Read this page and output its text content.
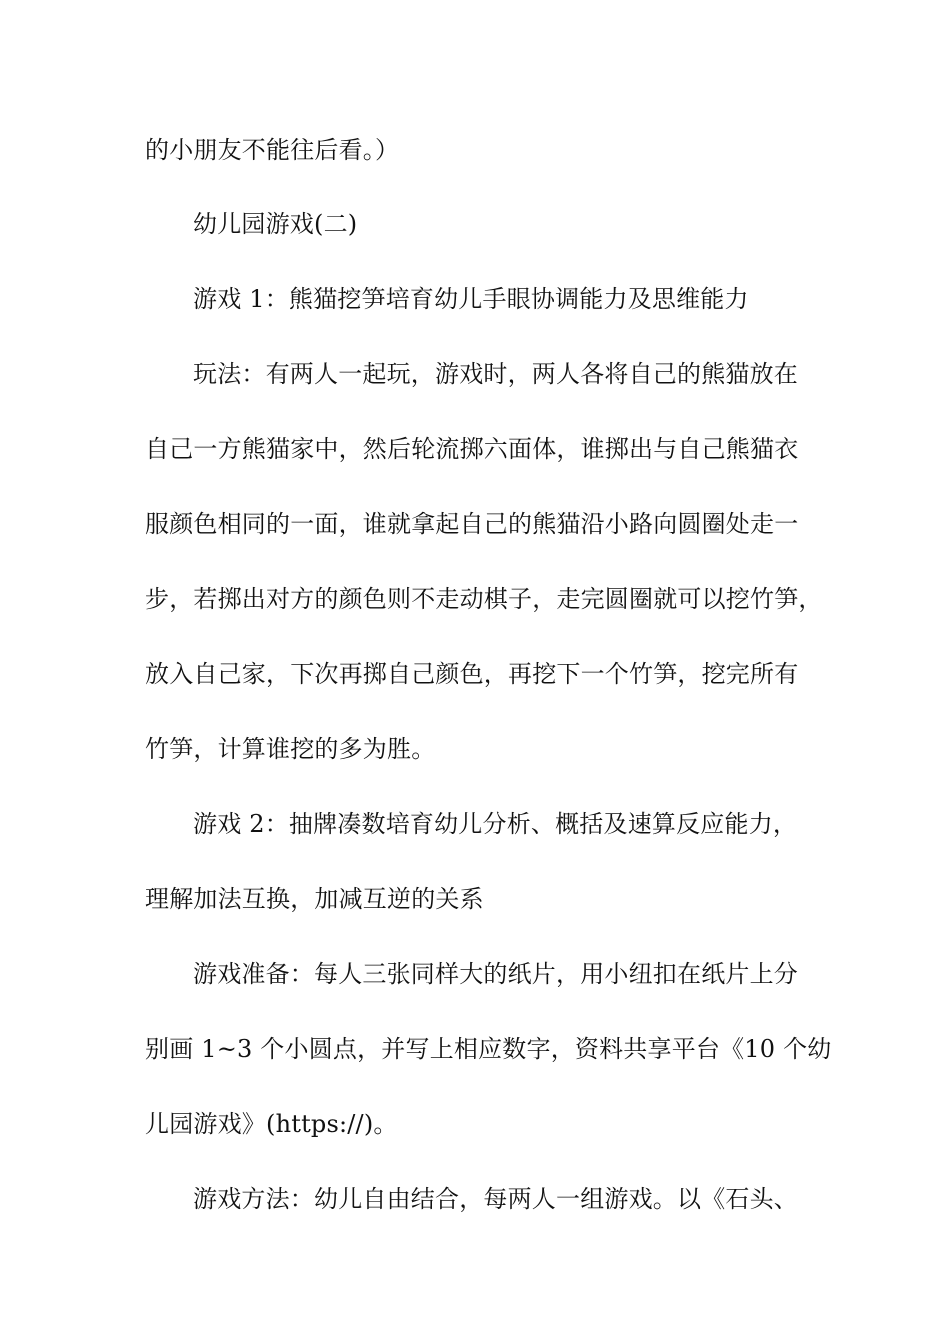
的小朋友不能往后看。）
幼儿园游戏(二)
游戏 1：熊猫挖笋培育幼儿手眼协调能力及思维能力
玩法：有两人一起玩，游戏时，两人各将自己的熊猫放在
自己一方熊猫家中，然后轮流掷六面体，谁掷出与自己熊猫衣
服颜色相同的一面，谁就拿起自己的熊猫沿小路向圆圈处走一
步，若掷出对方的颜色则不走动棋子，走完圆圈就可以挖竹笋，
放入自己家，下次再掷自己颜色，再挖下一个竹笋，挖完所有
竹笋，计算谁挖的多为胜。
游戏 2：抽牌凑数培育幼儿分析、概括及速算反应能力，
理解加法互换，加减互逆的关系
游戏准备：每人三张同样大的纸片，用小纽扣在纸片上分
别画 1~3 个小圆点，并写上相应数字，资料共享平台《10 个幼
儿园游戏》(https://)。
游戏方法：幼儿自由结合，每两人一组游戏。以《石头、
